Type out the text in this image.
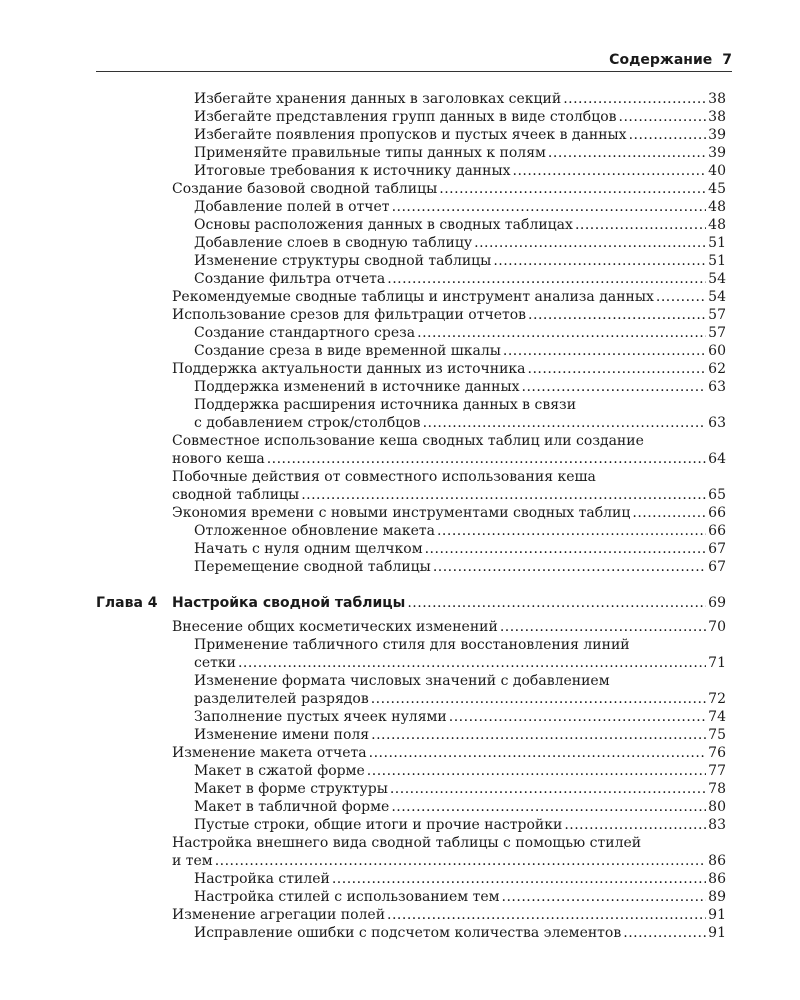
Содержание 7
Избегайте хранения данных в заголовках секций .....	38
Избегайте представления групп данных в виде столбцов .....	38
Избегайте появления пропусков и пустых ячеек в данных .....	39
Применяйте правильные типы данных к полям .....	39
Итоговые требования к источнику данных .....	40
Создание базовой сводной таблицы .....	45
Добавление полей в отчет .....	48
Основы расположения данных в сводных таблицах .....	48
Добавление слоев в сводную таблицу .....	51
Изменение структуры сводной таблицы .....	51
Создание фильтра отчета .....	54
Рекомендуемые сводные таблицы и инструмент анализа данных .....	54
Использование срезов для фильтрации отчетов .....	57
Создание стандартного среза .....	57
Создание среза в виде временной шкалы .....	60
Поддержка актуальности данных из источника .....	62
Поддержка изменений в источнике данных .....	63
Поддержка расширения источника данных в связи
с добавлением строк/столбцов .....	63
Совместное использование кеша сводных таблиц или создание
нового кеша .....	64
Побочные действия от совместного использования кеша
сводной таблицы .....	65
Экономия времени с новыми инструментами сводных таблиц .....	66
Отложенное обновление макета .....	66
Начать с нуля одним щелчком .....	67
Перемещение сводной таблицы .....	67
Глава 4	Настройка сводной таблицы .....	69
Внесение общих косметических изменений .....	70
Применение табличного стиля для восстановления линий
сетки .....	71
Изменение формата числовых значений с добавлением
разделителей разрядов .....	72
Заполнение пустых ячеек нулями .....	74
Изменение имени поля .....	75
Изменение макета отчета .....	76
Макет в сжатой форме .....	77
Макет в форме структуры .....	78
Макет в табличной форме .....	80
Пустые строки, общие итоги и прочие настройки .....	83
Настройка внешнего вида сводной таблицы с помощью стилей
и тем .....	86
Настройка стилей .....	86
Настройка стилей с использованием тем .....	89
Изменение агрегации полей .....	91
Исправление ошибки с подсчетом количества элементов .....	91
